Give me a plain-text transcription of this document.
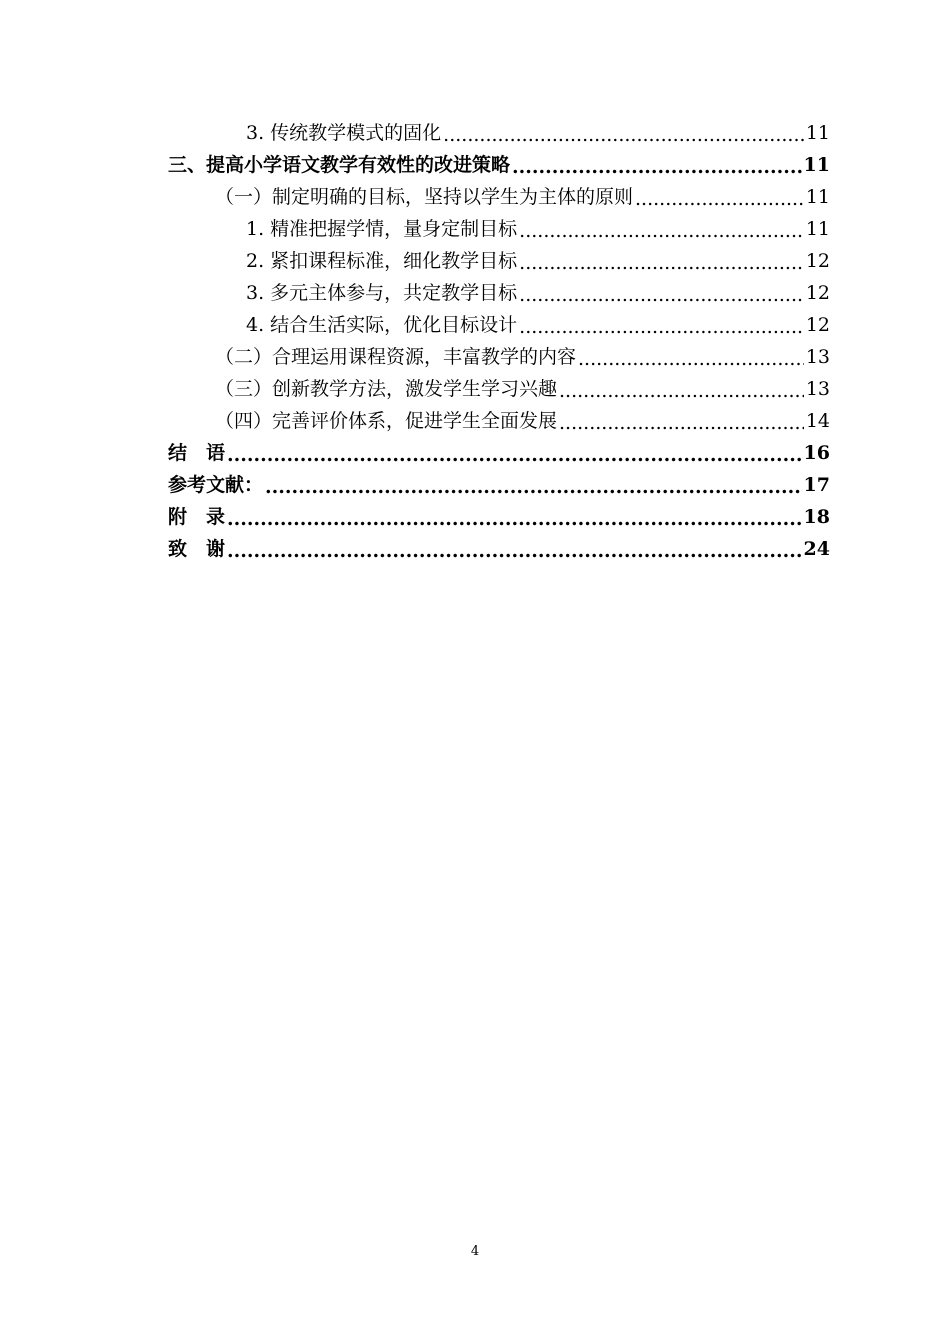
3. 传统教学模式的固化 .....	11
三、提高小学语文教学有效性的改进策略 .....	11
（一）制定明确的目标，坚持以学生为主体的原则 .....	11
1. 精准把握学情，量身定制目标 .....	11
2. 紧扣课程标准，细化教学目标 .....	12
3. 多元主体参与，共定教学目标 .....	12
4. 结合生活实际，优化目标设计 .....	12
（二）合理运用课程资源，丰富教学的内容 .....	13
（三）创新教学方法，激发学生学习兴趣 .....	13
（四）完善评价体系，促进学生全面发展 .....	14
结　语 .....	16
参考文献： .....	17
附　录 .....	18
致　谢 .....	24
4
